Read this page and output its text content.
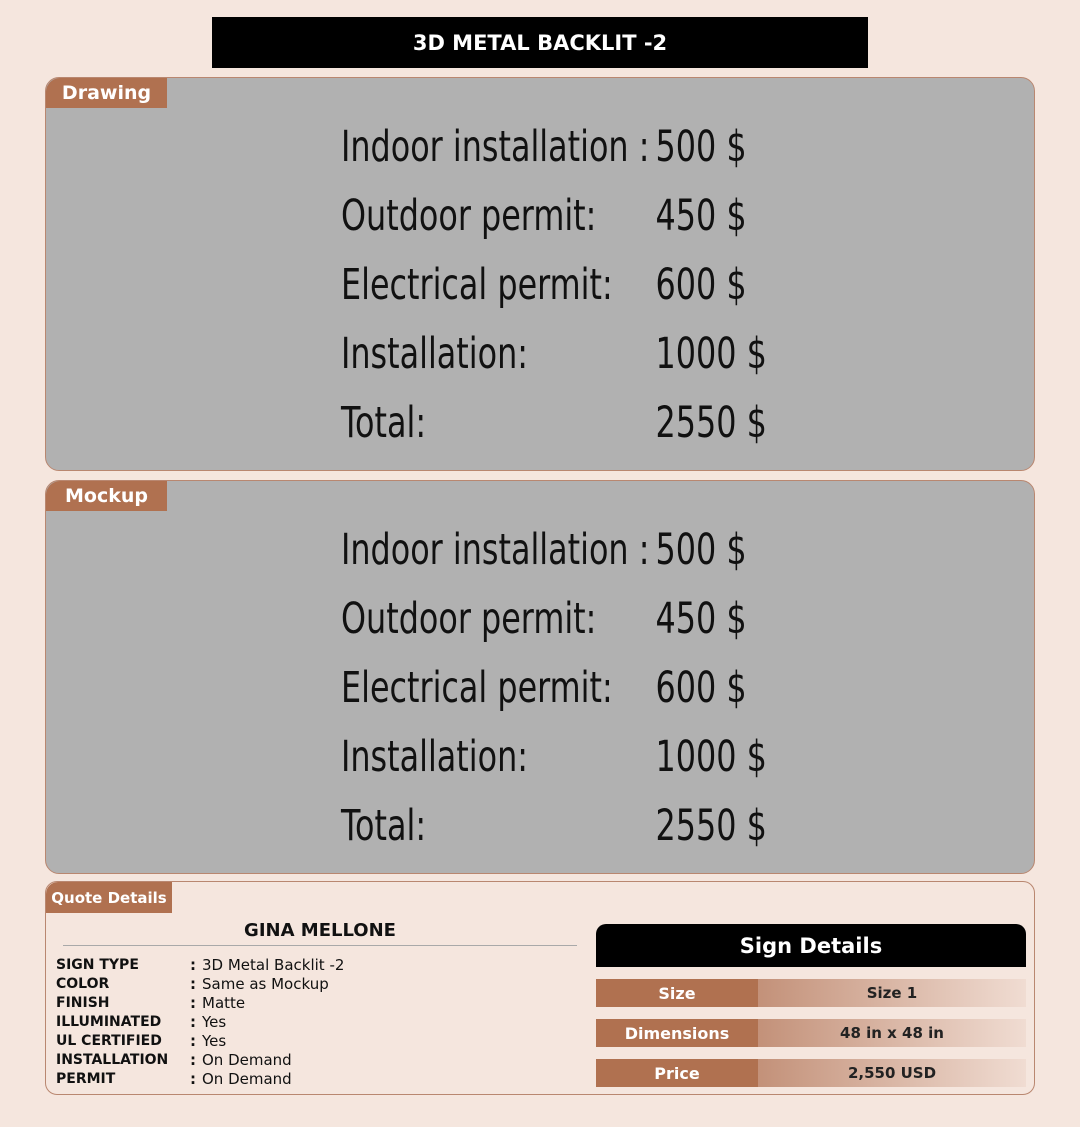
3D METAL BACKLIT -2
Drawing
Indoor installation : 500 $
Outdoor permit:	450 $
Electrical permit: 600 $
Installation:	1000 $
Total:	2550 $
Mockup
Indoor installation : 500 $
Outdoor permit:	450 $
Electrical permit: 600 $
Installation:	1000 $
Total:	2550 $
Quote Details
GINA MELLONE
SIGN TYPE	: 3D Metal Backlit -2
COLOR	: Same as Mockup
FINISH	: Matte
ILLUMINATED	: Yes
UL CERTIFIED	: Yes
INSTALLATION	: On Demand
PERMIT	: On Demand
Sign Details
Size	Size 1
Dimensions	48 in x 48 in
Price	2,550 USD
